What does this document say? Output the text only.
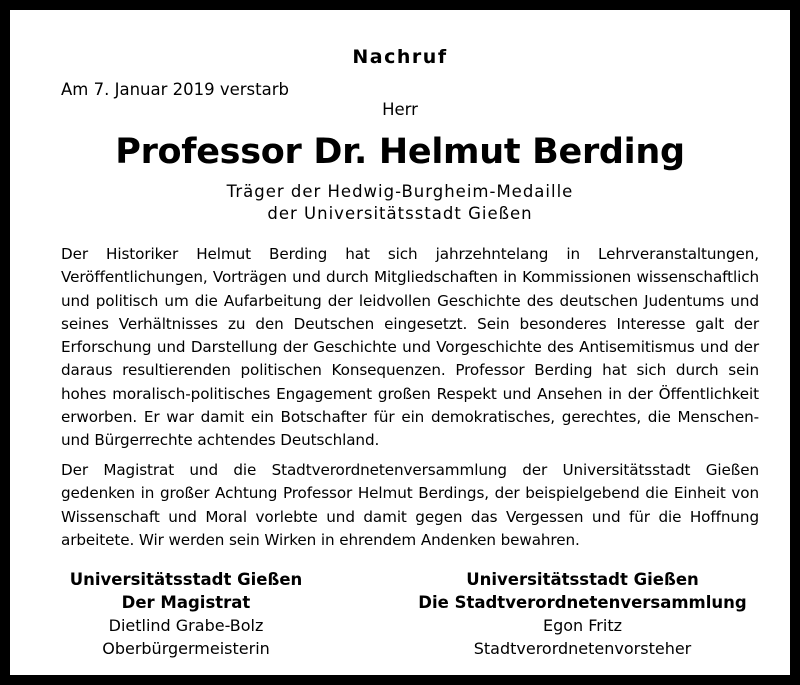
Nachruf
Am 7. Januar 2019 verstarb
Herr
Professor Dr. Helmut Berding
Träger der Hedwig-Burgheim-Medaille
der Universitätsstadt Gießen
Der Historiker Helmut Berding hat sich jahrzehntelang in Lehrveranstaltungen, Veröffentlichungen, Vorträgen und durch Mitgliedschaften in Kommissionen wissenschaftlich und politisch um die Aufarbeitung der leidvollen Geschichte des deutschen Judentums und seines Verhältnisses zu den Deutschen eingesetzt. Sein besonderes Interesse galt der Erforschung und Darstellung der Geschichte und Vorgeschichte des Antisemitismus und der daraus resultierenden politischen Konsequenzen. Professor Berding hat sich durch sein hohes moralisch-politisches Engagement großen Respekt und Ansehen in der Öffentlichkeit erworben. Er war damit ein Botschafter für ein demokratisches, gerechtes, die Menschen- und Bürgerrechte achtendes Deutschland.
Der Magistrat und die Stadtverordnetenversammlung der Universitätsstadt Gießen gedenken in großer Achtung Professor Helmut Berdings, der beispielgebend die Einheit von Wissenschaft und Moral vorlebte und damit gegen das Vergessen und für die Hoffnung arbeitete. Wir werden sein Wirken in ehrendem Andenken bewahren.
Universitätsstadt Gießen
Der Magistrat
Dietlind Grabe-Bolz
Oberbürgermeisterin
Universitätsstadt Gießen
Die Stadtverordnetenversammlung
Egon Fritz
Stadtverordnetenvorsteher
